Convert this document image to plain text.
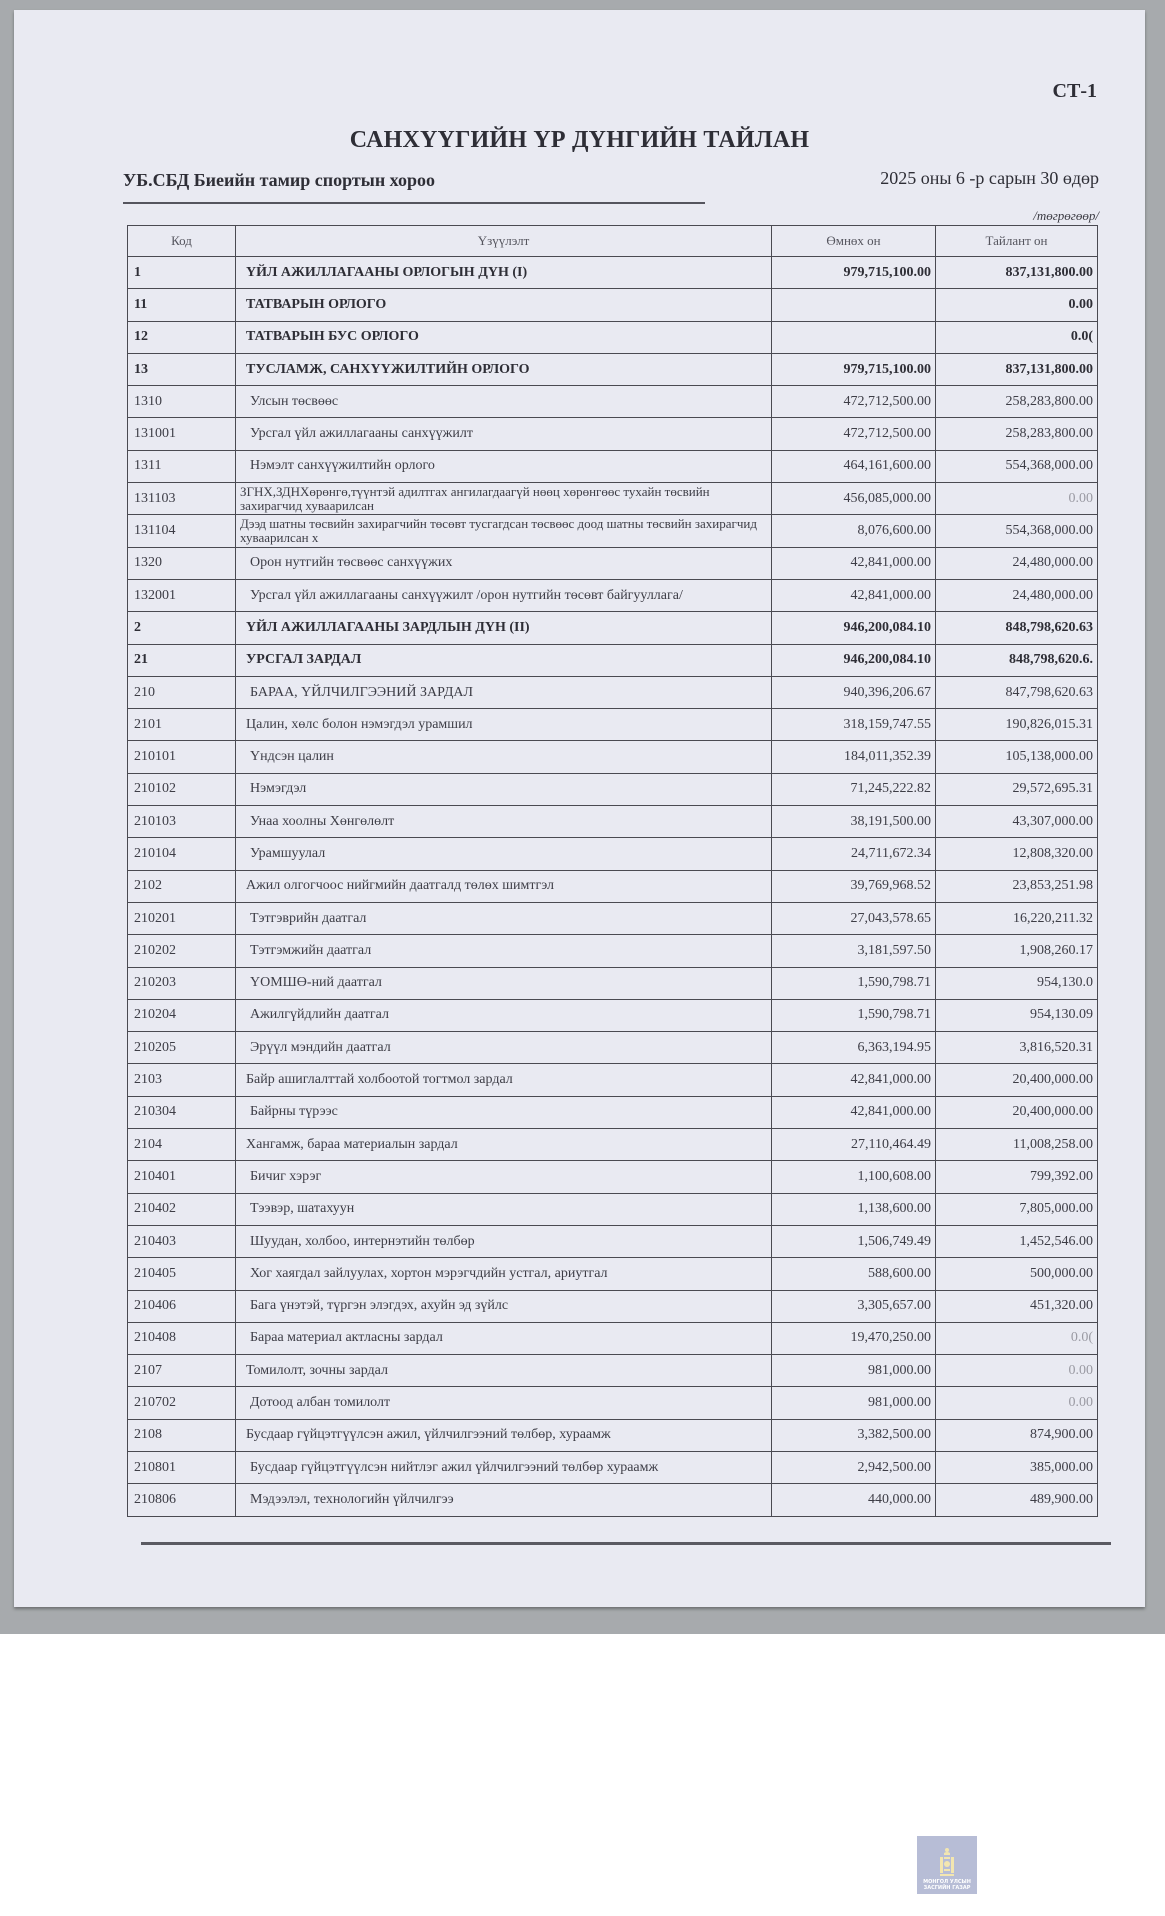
СТ-1
САНХҮҮГИЙН ҮР ДҮНГИЙН ТАЙЛАН
УБ.СБД Биеийн тамир спортын хороо	2025 оны 6 -р сарын 30 өдөр
/төгрөгөөр/
Код	Үзүүлэлт	Өмнөх он	Тайлант он
1	ҮЙЛ АЖИЛЛАГААНЫ ОРЛОГЫН ДҮН (I)	979,715,100.00	837,131,800.00
11	ТАТВАРЫН ОРЛОГО		0.00
12	ТАТВАРЫН БУС ОРЛОГО		0.0(
13	ТУСЛАМЖ, САНХҮҮЖИЛТИЙН ОРЛОГО	979,715,100.00	837,131,800.00
1310	Улсын төсвөөс	472,712,500.00	258,283,800.00
131001	Урсгал үйл ажиллагааны санхүүжилт	472,712,500.00	258,283,800.00
1311	Нэмэлт санхүүжилтийн орлого	464,161,600.00	554,368,000.00
131103	ЗГНХ,ЗДНХөрөнгө,түүнтэй адилтгах ангилагдаагүй нөөц хөрөнгөөс тухайн төсвийн захирагчид хуваарилсан	456,085,000.00	0.00
131104	Дээд шатны төсвийн захирагчийн төсөвт тусгагдсан төсвөөс доод шатны төсвийн захирагчид хуваарилсан х	8,076,600.00	554,368,000.00
1320	Орон нутгийн төсвөөс санхүүжих	42,841,000.00	24,480,000.00
132001	Урсгал үйл ажиллагааны санхүүжилт /орон нутгийн төсөвт байгууллага/	42,841,000.00	24,480,000.00
2	ҮЙЛ АЖИЛЛАГААНЫ ЗАРДЛЫН ДҮН (II)	946,200,084.10	848,798,620.63
21	УРСГАЛ ЗАРДАЛ	946,200,084.10	848,798,620.6.
210	БАРАА, ҮЙЛЧИЛГЭЭНИЙ ЗАРДАЛ	940,396,206.67	847,798,620.63
2101	Цалин, хөлс болон нэмэгдэл урамшил	318,159,747.55	190,826,015.31
210101	Үндсэн цалин	184,011,352.39	105,138,000.00
210102	Нэмэгдэл	71,245,222.82	29,572,695.31
210103	Унаа хоолны Хөнгөлөлт	38,191,500.00	43,307,000.00
210104	Урамшуулал	24,711,672.34	12,808,320.00
2102	Ажил олгогчоос нийгмийн даатгалд төлөх шимтгэл	39,769,968.52	23,853,251.98
210201	Тэтгэврийн даатгал	27,043,578.65	16,220,211.32
210202	Тэтгэмжийн даатгал	3,181,597.50	1,908,260.17
210203	ҮОМШӨ-ний даатгал	1,590,798.71	954,130.0
210204	Ажилгүйдлийн даатгал	1,590,798.71	954,130.09
210205	Эрүүл мэндийн даатгал	6,363,194.95	3,816,520.31
2103	Байр ашиглалттай холбоотой тогтмол зардал	42,841,000.00	20,400,000.00
210304	Байрны түрээс	42,841,000.00	20,400,000.00
2104	Хангамж, бараа материалын зардал	27,110,464.49	11,008,258.00
210401	Бичиг хэрэг	1,100,608.00	799,392.00
210402	Тээвэр, шатахуун	1,138,600.00	7,805,000.00
210403	Шуудан, холбоо, интернэтийн төлбөр	1,506,749.49	1,452,546.00
210405	Хог хаягдал зайлуулах, хортон мэрэгчдийн устгал, ариутгал	588,600.00	500,000.00
210406	Бага үнэтэй, түргэн элэгдэх, ахуйн эд зүйлс	3,305,657.00	451,320.00
210408	Бараа материал актласны зардал	19,470,250.00	0.0(
2107	Томилолт, зочны зардал	981,000.00	0.00
210702	Дотоод албан томилолт	981,000.00	0.00
2108	Бусдаар гүйцэтгүүлсэн ажил, үйлчилгээний төлбөр, хураамж	3,382,500.00	874,900.00
210801	Бусдаар гүйцэтгүүлсэн нийтлэг ажил үйлчилгээний төлбөр хураамж	2,942,500.00	385,000.00
210806	Мэдээлэл, технологийн үйлчилгээ	440,000.00	489,900.00
МОНГОЛ УЛСЫН
ЗАСГИЙН ГАЗАР
